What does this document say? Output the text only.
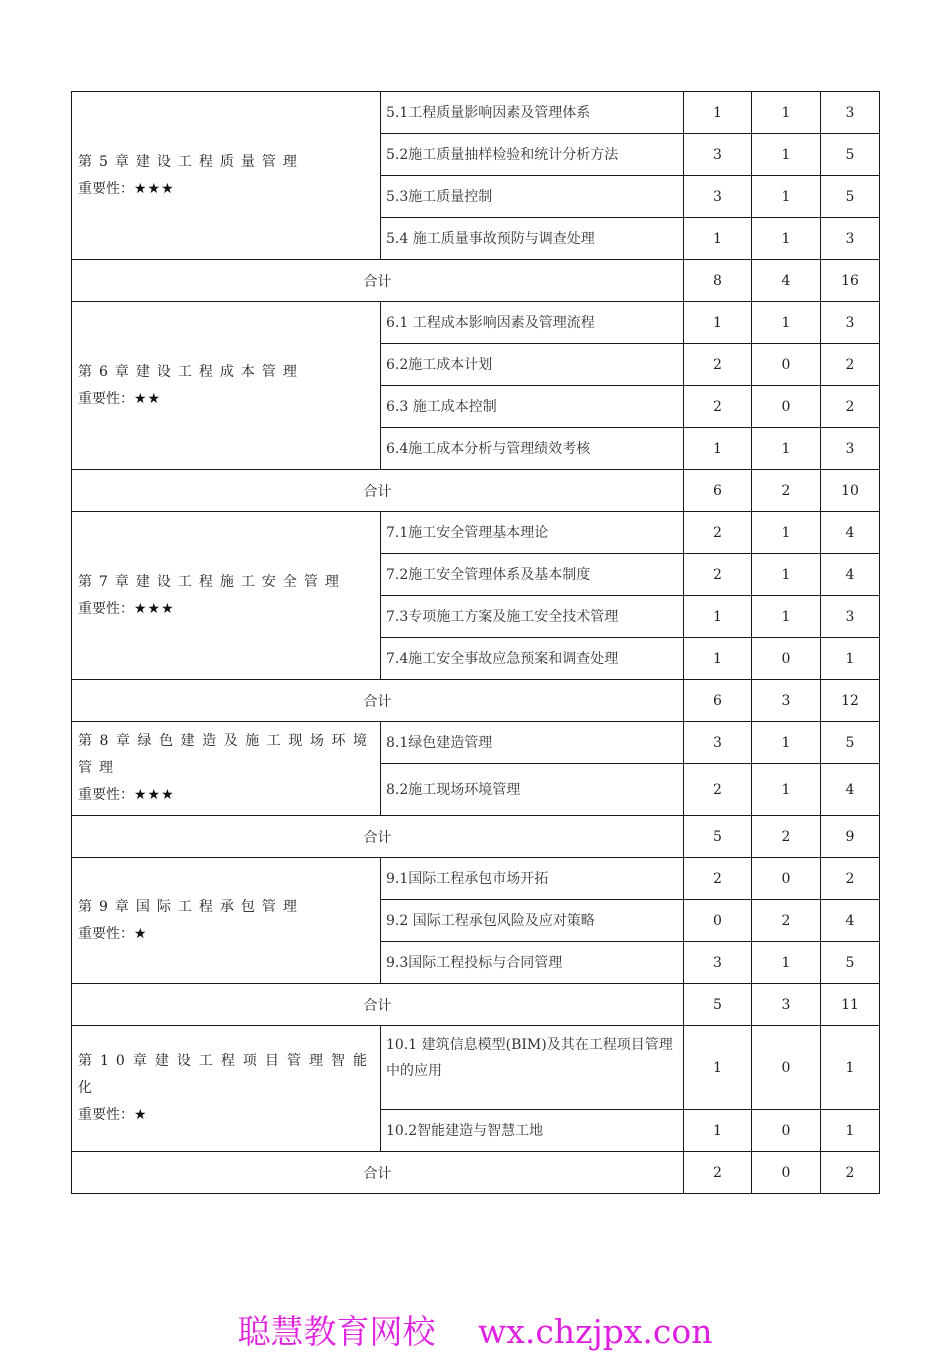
第5章建设工程质量管理
重要性：★★★	5.1工程质量影响因素及管理体系	1	1	3
	5.2施工质量抽样检验和统计分析方法	3	1	5
	5.3施工质量控制	3	1	5
	5.4 施工质量事故预防与调查处理	1	1	3
合计		8	4	16

第6章建设工程成本管理
重要性：★★	6.1 工程成本影响因素及管理流程	1	1	3
	6.2施工成本计划	2	0	2
	6.3 施工成本控制	2	0	2
	6.4施工成本分析与管理绩效考核	1	1	3
合计		6	2	10

第7章建设工程施工安全管理
重要性：★★★	7.1施工安全管理基本理论	2	1	4
	7.2施工安全管理体系及基本制度	2	1	4
	7.3专项施工方案及施工安全技术管理	1	1	3
	7.4施工安全事故应急预案和调查处理	1	0	1
合计		6	3	12

第8章绿色建造及施工现场环境管理
重要性：★★★	8.1绿色建造管理	3	1	5
	8.2施工现场环境管理	2	1	4
合计		5	2	9

第9章国际工程承包管理
重要性：★	9.1国际工程承包市场开拓	2	0	2
	9.2 国际工程承包风险及应对策略	0	2	4
	9.3国际工程投标与合同管理	3	1	5
合计		5	3	11

第10章建设工程项目管理智能化
重要性：★	10.1 建筑信息模型(BIM)及其在工程项目管理中的应用	1	0	1
	10.2智能建造与智慧工地	1	0	1
合计		2	0	2
聪慧教育网校 wx.chzjpx.con
